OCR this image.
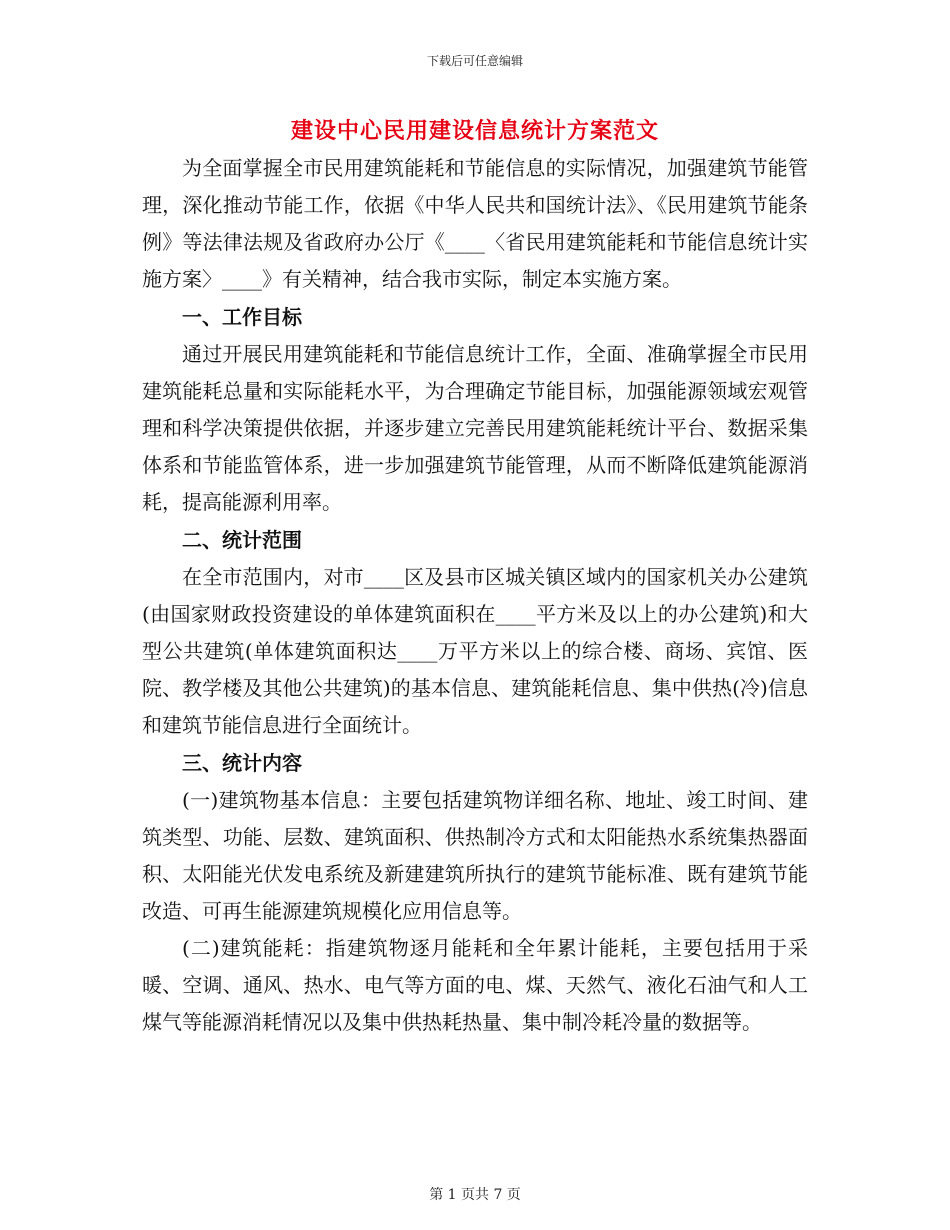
下载后可任意编辑
建设中心民用建设信息统计方案范文

为全面掌握全市民用建筑能耗和节能信息的实际情况，加强建筑节能管理，深化推动节能工作，依据《中华人民共和国统计法》、《民用建筑节能条例》等法律法规及省政府办公厅《____〈省民用建筑能耗和节能信息统计实施方案〉____》有关精神，结合我市实际，制定本实施方案。

一、工作目标

通过开展民用建筑能耗和节能信息统计工作，全面、准确掌握全市民用建筑能耗总量和实际能耗水平，为合理确定节能目标，加强能源领域宏观管理和科学决策提供依据，并逐步建立完善民用建筑能耗统计平台、数据采集体系和节能监管体系，进一步加强建筑节能管理，从而不断降低建筑能源消耗，提高能源利用率。

二、统计范围

在全市范围内，对市____区及县市区城关镇区域内的国家机关办公建筑(由国家财政投资建设的单体建筑面积在____平方米及以上的办公建筑)和大型公共建筑(单体建筑面积达____万平方米以上的综合楼、商场、宾馆、医院、教学楼及其他公共建筑)的基本信息、建筑能耗信息、集中供热(冷)信息和建筑节能信息进行全面统计。

三、统计内容

(一)建筑物基本信息：主要包括建筑物详细名称、地址、竣工时间、建筑类型、功能、层数、建筑面积、供热制冷方式和太阳能热水系统集热器面积、太阳能光伏发电系统及新建建筑所执行的建筑节能标准、既有建筑节能改造、可再生能源建筑规模化应用信息等。

(二)建筑能耗：指建筑物逐月能耗和全年累计能耗，主要包括用于采暖、空调、通风、热水、电气等方面的电、煤、天然气、液化石油气和人工煤气等能源消耗情况以及集中供热耗热量、集中制冷耗冷量的数据等。

第 1 页共 7 页
